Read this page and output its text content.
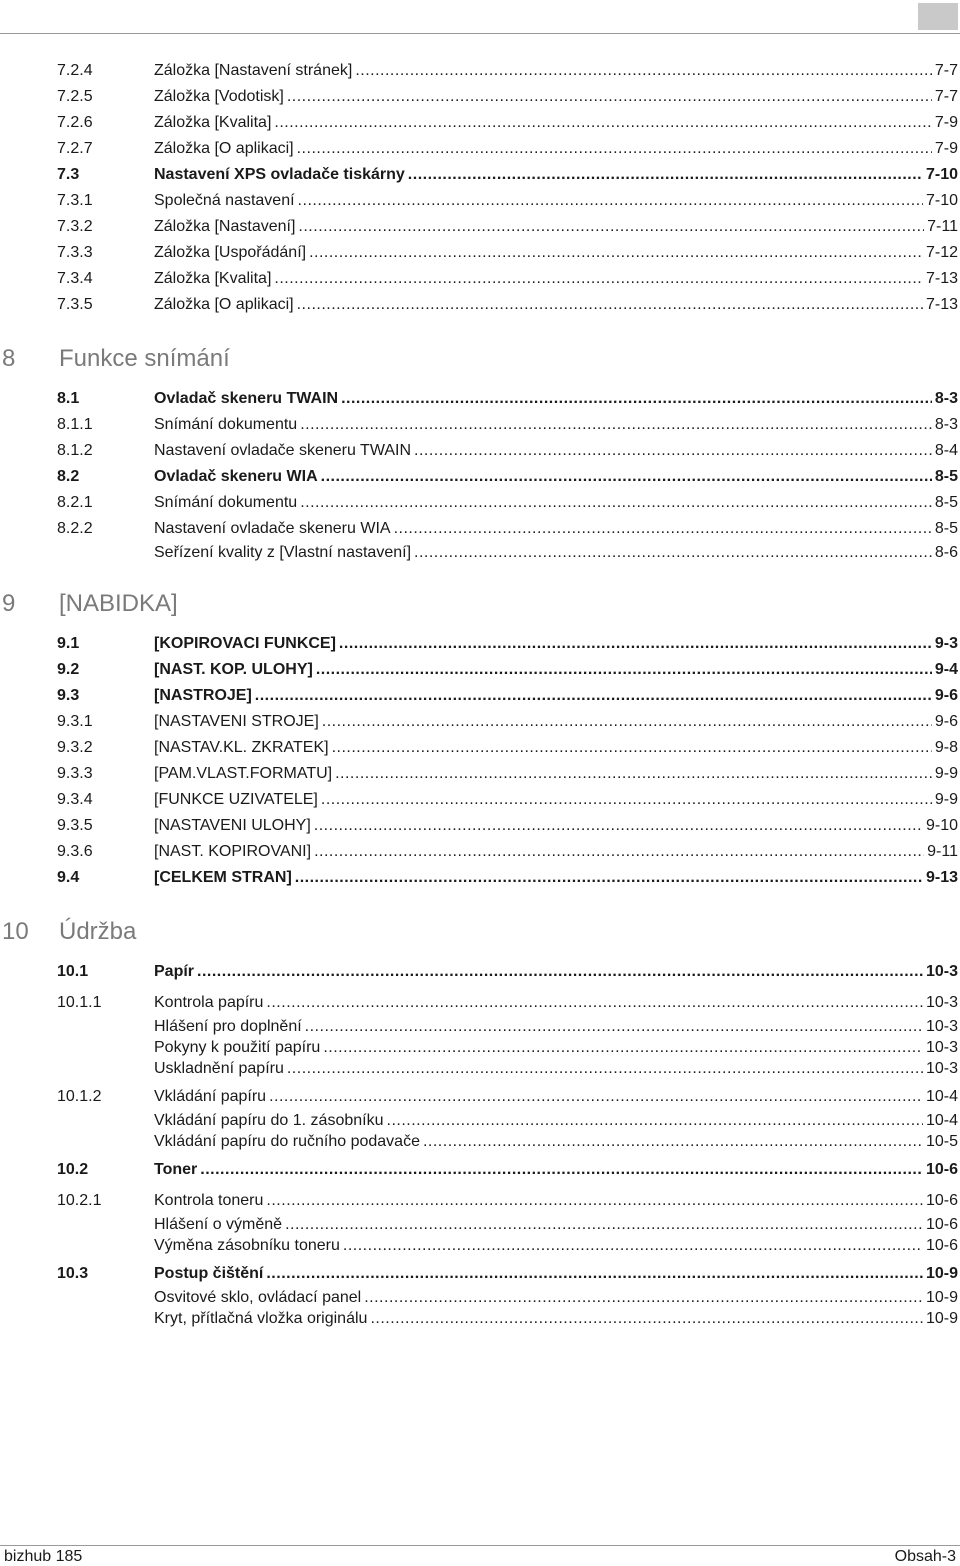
7.2.4	Záložka [Nastavení stránek] .....	7-7
7.2.5	Záložka [Vodotisk] .....	7-7
7.2.6	Záložka [Kvalita] .....	7-9
7.2.7	Záložka [O aplikaci] .....	7-9
7.3	Nastavení XPS ovladače tiskárny .....	7-10
7.3.1	Společná nastavení .....	7-10
7.3.2	Záložka [Nastavení] .....	7-11
7.3.3	Záložka [Uspořádání] .....	7-12
7.3.4	Záložka [Kvalita] .....	7-13
7.3.5	Záložka [O aplikaci] .....	7-13
8 Funkce snímání
8.1	Ovladač skeneru TWAIN .....	8-3
8.1.1	Snímání dokumentu .....	8-3
8.1.2	Nastavení ovladače skeneru TWAIN .....	8-4
8.2	Ovladač skeneru WIA .....	8-5
8.2.1	Snímání dokumentu .....	8-5
8.2.2	Nastavení ovladače skeneru WIA .....	8-5
Seřízení kvality z [Vlastní nastavení] .....	8-6
9 [NABIDKA]
9.1	[KOPIROVACI FUNKCE] .....	9-3
9.2	[NAST. KOP. ULOHY] .....	9-4
9.3	[NASTROJE] .....	9-6
9.3.1	[NASTAVENI STROJE] .....	9-6
9.3.2	[NASTAV.KL. ZKRATEK] .....	9-8
9.3.3	[PAM.VLAST.FORMATU] .....	9-9
9.3.4	[FUNKCE UZIVATELE] .....	9-9
9.3.5	[NASTAVENI ULOHY] .....	9-10
9.3.6	[NAST. KOPIROVANI] .....	9-11
9.4	[CELKEM STRAN] .....	9-13
10 Údržba
10.1	Papír .....	10-3
10.1.1	Kontrola papíru .....	10-3
Hlášení pro doplnění .....	10-3
Pokyny k použití papíru .....	10-3
Uskladnění papíru .....	10-3
10.1.2	Vkládání papíru .....	10-4
Vkládání papíru do 1. zásobníku .....	10-4
Vkládání papíru do ručního podavače .....	10-5
10.2	Toner .....	10-6
10.2.1	Kontrola toneru .....	10-6
Hlášení o výměně .....	10-6
Výměna zásobníku toneru .....	10-6
10.3	Postup čištění .....	10-9
Osvitové sklo, ovládací panel .....	10-9
Kryt, přítlačná vložka originálu .....	10-9
bizhub 185	Obsah-3
